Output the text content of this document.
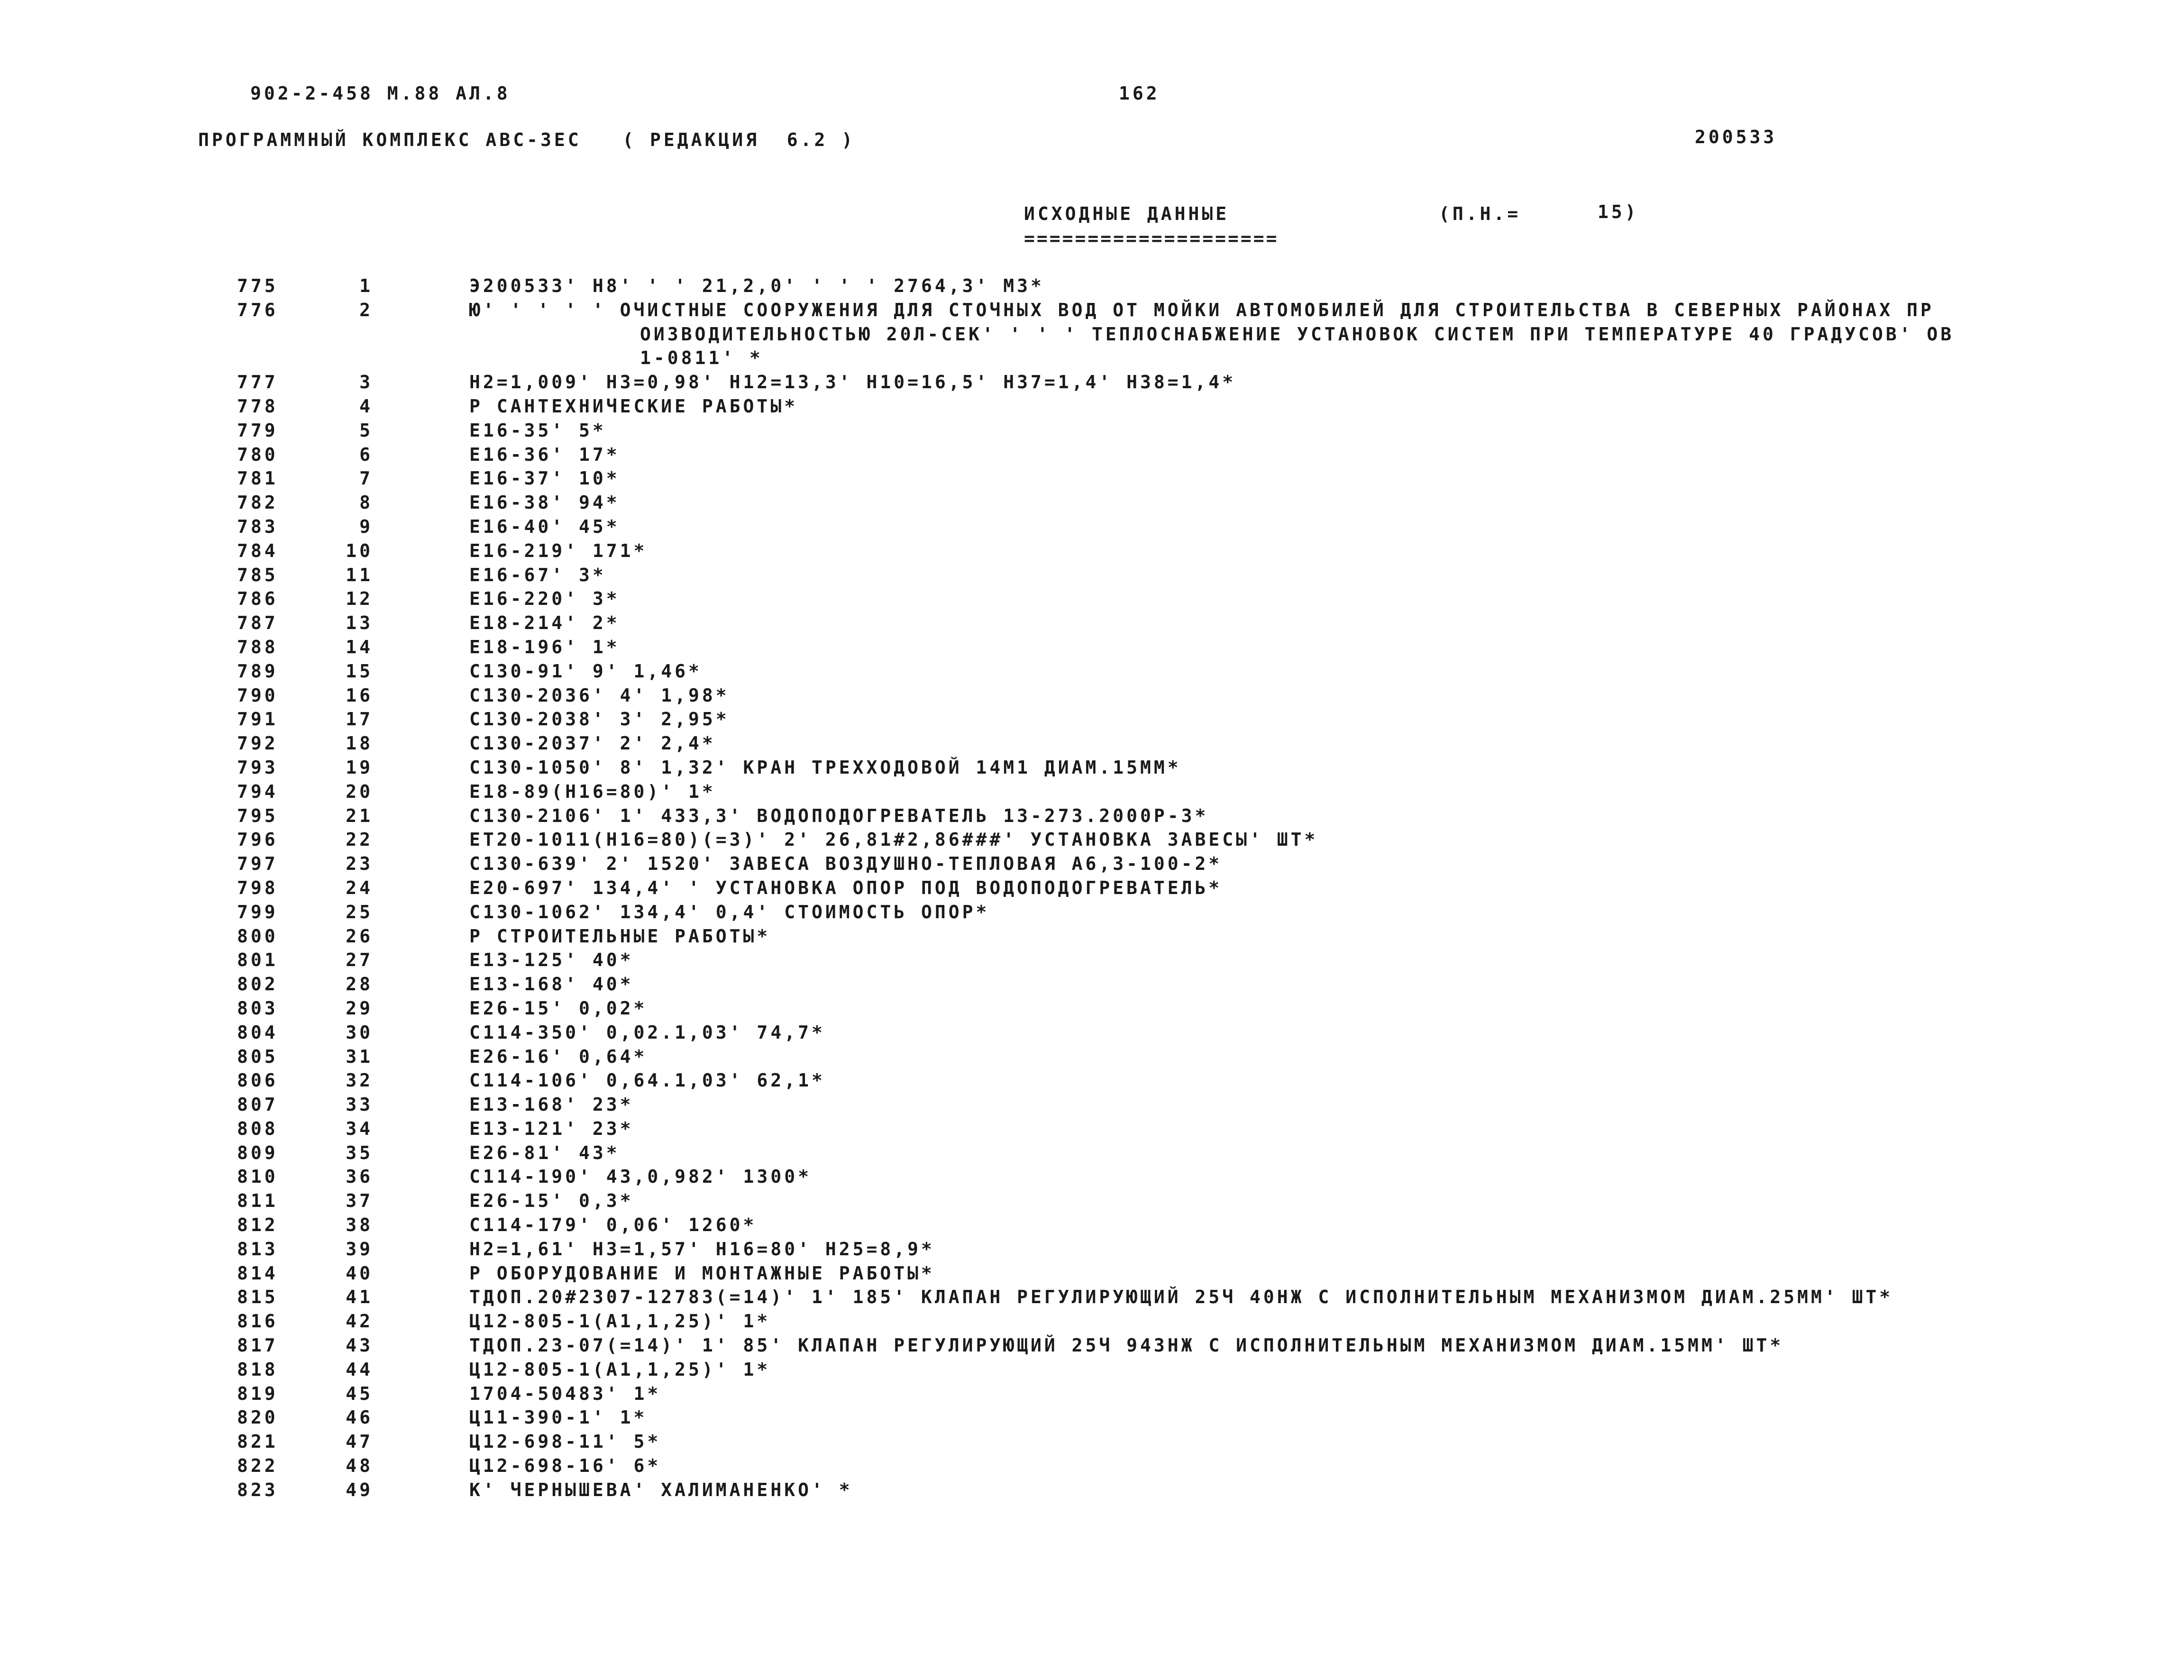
902-2-458 М.88 АЛ.8	162
ПРОГРАММНЫЙ КОМПЛЕКС АВС-3ЕС   ( РЕДАКЦИЯ  6.2 )	200533
ИСХОДНЫЕ ДАННЫЕ
====================
(П.Н.=	15)
775	1	Э200533' Н8' ' ' 21,2,0' ' ' ' 2764,3' М3*
776	2	Ю' ' ' ' ' ОЧИСТНЫЕ СООРУЖЕНИЯ ДЛЯ СТОЧНЫХ ВОД ОТ МОЙКИ АВТОМОБИЛЕЙ ДЛЯ СТРОИТЕЛЬСТВА В СЕВЕРНЫХ РАЙОНАХ ПР
ОИЗВОДИТЕЛЬНОСТЬЮ 20Л-СЕК' ' ' ' ТЕПЛОСНАБЖЕНИЕ УСТАНОВОК СИСТЕМ ПРИ ТЕМПЕРАТУРЕ 40 ГРАДУСОВ' ОВ
1-0811' *
777	3	Н2=1,009' Н3=0,98' Н12=13,3' Н10=16,5' Н37=1,4' Н38=1,4*
778	4	Р САНТЕХНИЧЕСКИЕ РАБОТЫ*
779	5	Е16-35' 5*
780	6	Е16-36' 17*
781	7	Е16-37' 10*
782	8	Е16-38' 94*
783	9	Е16-40' 45*
784	10	Е16-219' 171*
785	11	Е16-67' 3*
786	12	Е16-220' 3*
787	13	Е18-214' 2*
788	14	Е18-196' 1*
789	15	С130-91' 9' 1,46*
790	16	С130-2036' 4' 1,98*
791	17	С130-2038' 3' 2,95*
792	18	С130-2037' 2' 2,4*
793	19	С130-1050' 8' 1,32' КРАН ТРЕХХОДОВОЙ 14М1 ДИАМ.15ММ*
794	20	Е18-89(Н16=80)' 1*
795	21	С130-2106' 1' 433,3' ВОДОПОДОГРЕВАТЕЛЬ 13-273.2000Р-3*
796	22	ЕТ20-1011(Н16=80)(=3)' 2' 26,81#2,86###' УСТАНОВКА ЗАВЕСЫ' ШТ*
797	23	С130-639' 2' 1520' ЗАВЕСА ВОЗДУШНО-ТЕПЛОВАЯ А6,3-100-2*
798	24	Е20-697' 134,4' ' УСТАНОВКА ОПОР ПОД ВОДОПОДОГРЕВАТЕЛЬ*
799	25	С130-1062' 134,4' 0,4' СТОИМОСТЬ ОПОР*
800	26	Р СТРОИТЕЛЬНЫЕ РАБОТЫ*
801	27	Е13-125' 40*
802	28	Е13-168' 40*
803	29	Е26-15' 0,02*
804	30	С114-350' 0,02.1,03' 74,7*
805	31	Е26-16' 0,64*
806	32	С114-106' 0,64.1,03' 62,1*
807	33	Е13-168' 23*
808	34	Е13-121' 23*
809	35	Е26-81' 43*
810	36	С114-190' 43,0,982' 1300*
811	37	Е26-15' 0,3*
812	38	С114-179' 0,06' 1260*
813	39	Н2=1,61' Н3=1,57' Н16=80' Н25=8,9*
814	40	Р ОБОРУДОВАНИЕ И МОНТАЖНЫЕ РАБОТЫ*
815	41	ТДОП.20#2307-12783(=14)' 1' 185' КЛАПАН РЕГУЛИРУЮЩИЙ 25Ч 40НЖ С ИСПОЛНИТЕЛЬНЫМ МЕХАНИЗМОМ ДИАМ.25ММ' ШТ*
816	42	Ц12-805-1(А1,1,25)' 1*
817	43	ТДОП.23-07(=14)' 1' 85' КЛАПАН РЕГУЛИРУЮЩИЙ 25Ч 943НЖ С ИСПОЛНИТЕЛЬНЫМ МЕХАНИЗМОМ ДИАМ.15ММ' ШТ*
818	44	Ц12-805-1(А1,1,25)' 1*
819	45	1704-50483' 1*
820	46	Ц11-390-1' 1*
821	47	Ц12-698-11' 5*
822	48	Ц12-698-16' 6*
823	49	К' ЧЕРНЫШЕВА' ХАЛИМАНЕНКО' *
